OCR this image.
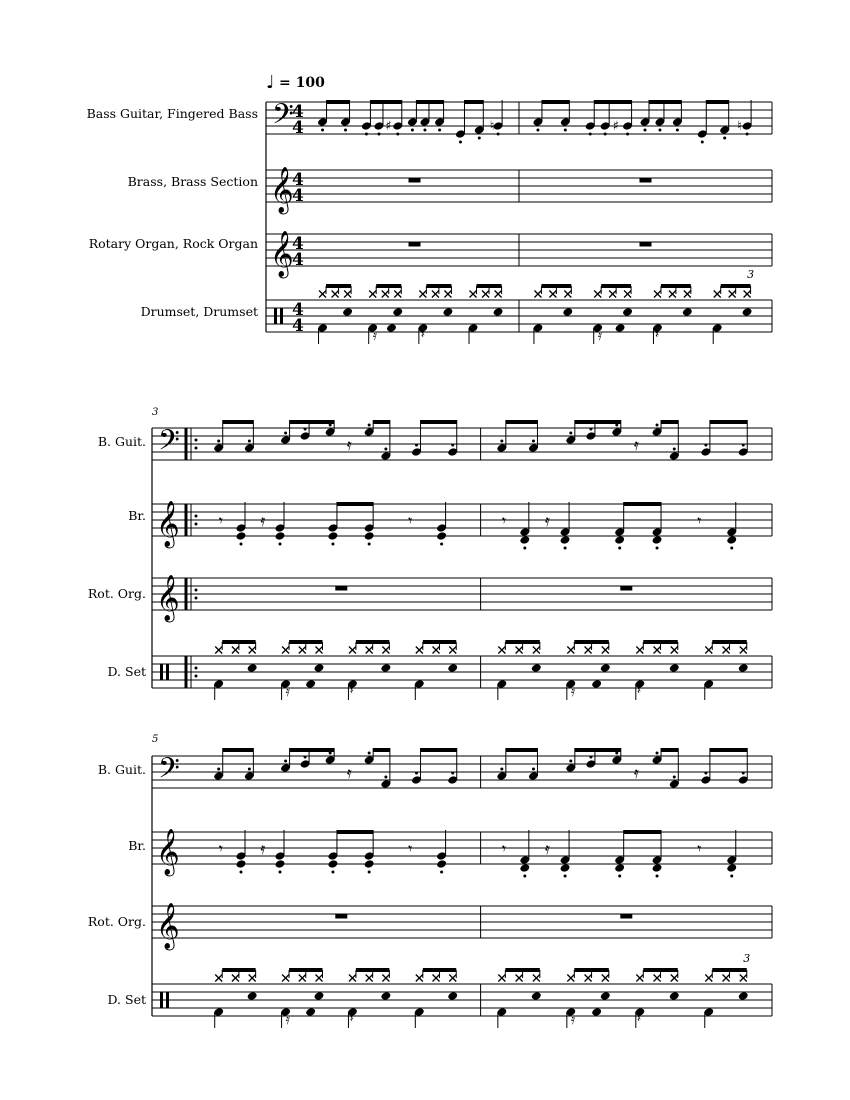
♩ = 100
Bass Guitar, Fingered Bass
Brass, Brass Section
Rotary Organ, Rock Organ
Drumset, Drumset
3
B. Guit.
Br.
Rot. Org.
D. Set
5
B. Guit.
Br.
Rot. Org.
D. Set
𝄢
4
4	♯	♮	♯	♮
𝄞
4
4
𝄞
4
4
4
4	𝄿	𝄽	𝄿	𝄽
3
𝄢	𝄿	𝄿
𝄞 𝄾 𝄿	𝄾	𝄾 𝄿	𝄾
𝄞
𝄿	𝄽	𝄿	𝄽
𝄢	𝄿	𝄿
𝄞 𝄾 𝄿	𝄾	𝄾 𝄿	𝄾
𝄞
𝄿	𝄽	𝄿	𝄽
3
